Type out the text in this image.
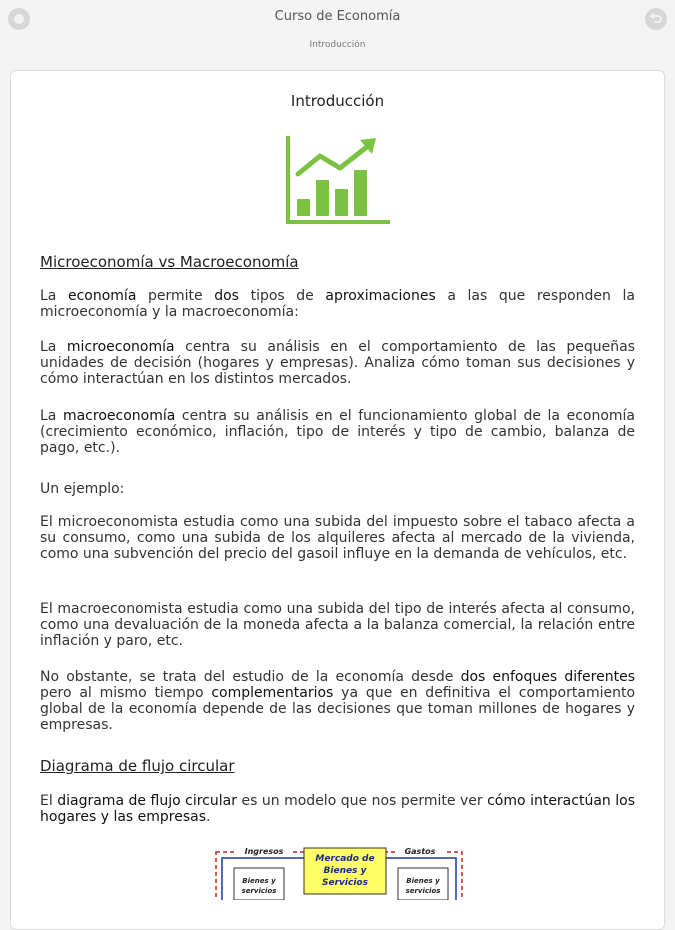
Curso de Economía
Introducción
Introducción
Microeconomía vs Macroeconomía

La economía permite dos tipos de aproximaciones a las que responden la microeconomía y la macroeconomía:

La microeconomía centra su análisis en el comportamiento de las pequeñas unidades de decisión (hogares y empresas). Analiza cómo toman sus decisiones y cómo interactúan en los distintos mercados.

La macroeconomía centra su análisis en el funcionamiento global de la economía (crecimiento económico, inflación, tipo de interés y tipo de cambio, balanza de pago, etc.).

Un ejemplo:

El microeconomista estudia como una subida del impuesto sobre el tabaco afecta a su consumo, como una subida de los alquileres afecta al mercado de la vivienda, como una subvención del precio del gasoil influye en la demanda de vehículos, etc.

El macroeconomista estudia como una subida del tipo de interés afecta al consumo, como una devaluación de la moneda afecta a la balanza comercial, la relación entre inflación y paro, etc.

No obstante, se trata del estudio de la economía desde dos enfoques diferentes pero al mismo tiempo complementarios ya que en definitiva el comportamiento global de la economía depende de las decisiones que toman millones de hogares y empresas.

Diagrama de flujo circular

El diagrama de flujo circular es un modelo que nos permite ver cómo interactúan los hogares y las empresas.

Ingresos	Gastos
Mercado de
Bienes y
Servicios
Bienes y
servicios
Bienes y
servicios
